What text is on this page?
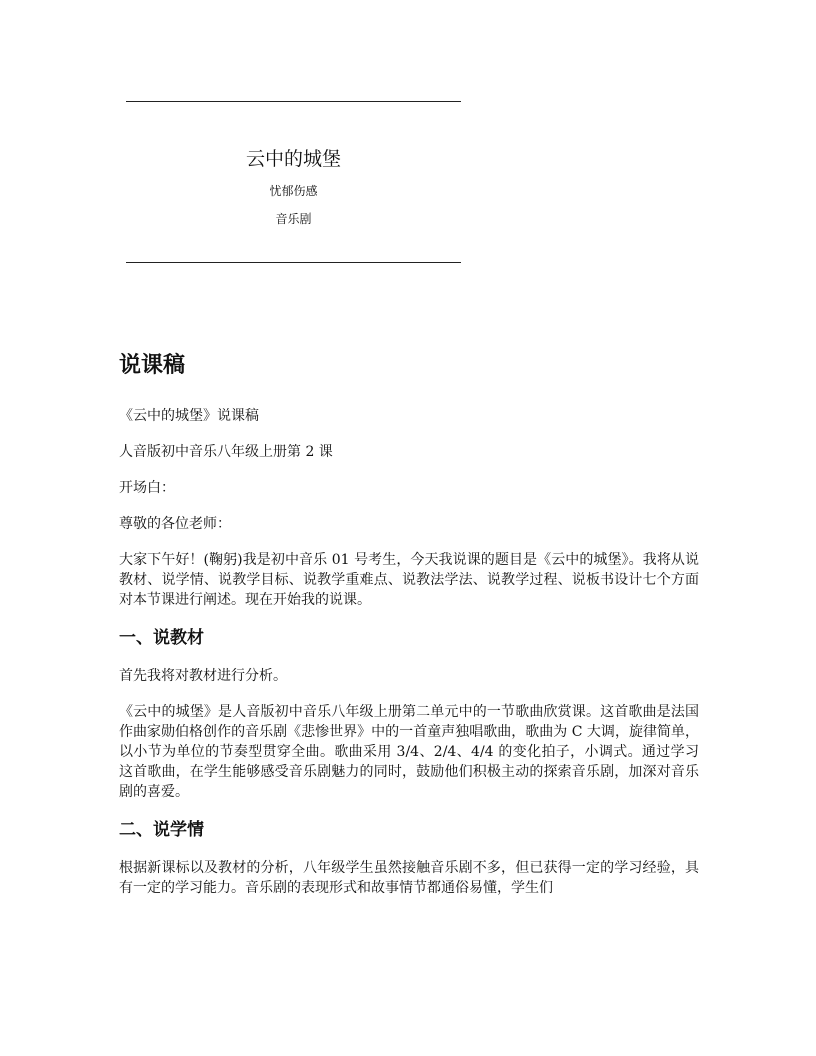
云中的城堡
忧郁伤感
音乐剧
说课稿

《云中的城堡》说课稿

人音版初中音乐八年级上册第 2 课

开场白：

尊敬的各位老师：

大家下午好！(鞠躬)我是初中音乐 01 号考生，今天我说课的题目是《云中的城堡》。我将从说教材、说学情、说教学目标、说教学重难点、说教法学法、说教学过程、说板书设计七个方面对本节课进行阐述。现在开始我的说课。

一、说教材

首先我将对教材进行分析。

《云中的城堡》是人音版初中音乐八年级上册第二单元中的一节歌曲欣赏课。这首歌曲是法国作曲家勋伯格创作的音乐剧《悲惨世界》中的一首童声独唱歌曲，歌曲为 C 大调，旋律简单，以小节为单位的节奏型贯穿全曲。歌曲采用 3/4、2/4、4/4 的变化拍子，小调式。通过学习这首歌曲，在学生能够感受音乐剧魅力的同时，鼓励他们积极主动的探索音乐剧，加深对音乐剧的喜爱。

二、说学情

根据新课标以及教材的分析，八年级学生虽然接触音乐剧不多，但已获得一定的学习经验，具有一定的学习能力。音乐剧的表现形式和故事情节都通俗易懂，学生们
